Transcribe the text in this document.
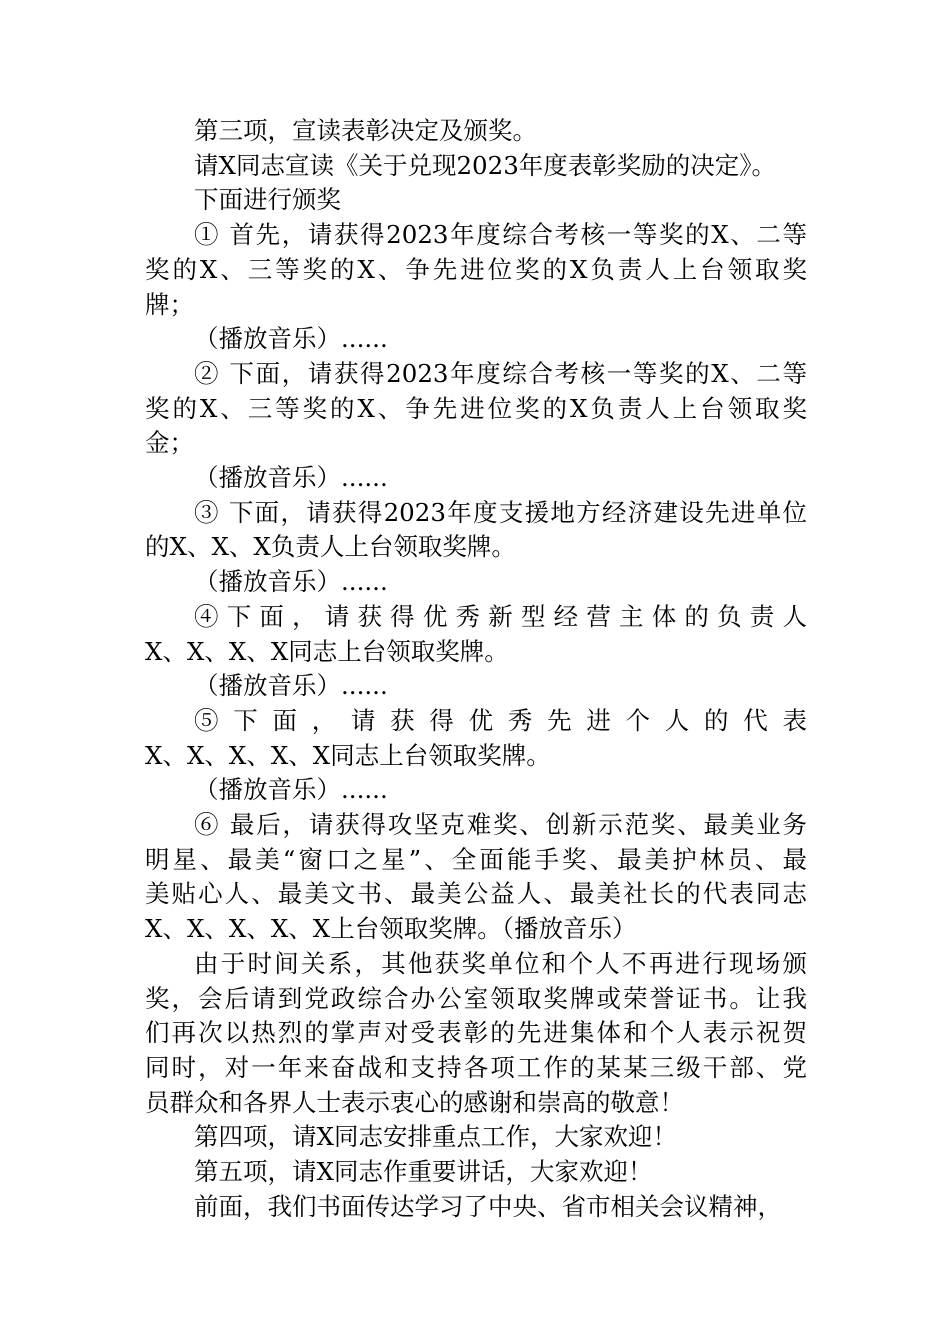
第三项，宣读表彰决定及颁奖。
请X同志宣读《关于兑现2023年度表彰奖励的决定》。
下面进行颁奖
① 首先，请获得2023年度综合考核一等奖的X、二等
奖的X、三等奖的X、争先进位奖的X负责人上台领取奖
牌；
（播放音乐）......
② 下面，请获得2023年度综合考核一等奖的X、二等
奖的X、三等奖的X、争先进位奖的X负责人上台领取奖
金；
（播放音乐）......
③ 下面，请获得2023年度支援地方经济建设先进单位
的X、X、X负责人上台领取奖牌。
（播放音乐）......
④ 下 面 ， 请 获 得 优 秀 新 型 经 营 主 体 的 负 责 人
X、X、X、X同志上台领取奖牌。
（播放音乐）......
⑤ 下 面 ， 请 获 得 优 秀 先 进 个 人 的 代 表
X、X、X、X、X同志上台领取奖牌。
（播放音乐）......
⑥ 最后，请获得攻坚克难奖、创新示范奖、最美业务
明星、最美“窗口之星”、全面能手奖、最美护林员、最
美贴心人、最美文书、最美公益人、最美社长的代表同志
X、X、X、X、X上台领取奖牌。（播放音乐）
由于时间关系，其他获奖单位和个人不再进行现场颁
奖，会后请到党政综合办公室领取奖牌或荣誉证书。让我
们再次以热烈的掌声对受表彰的先进集体和个人表示祝贺
同时，对一年来奋战和支持各项工作的某某三级干部、党
员群众和各界人士表示衷心的感谢和崇高的敬意！
第四项，请X同志安排重点工作，大家欢迎！
第五项，请X同志作重要讲话，大家欢迎！
前面，我们书面传达学习了中央、省市相关会议精神，
